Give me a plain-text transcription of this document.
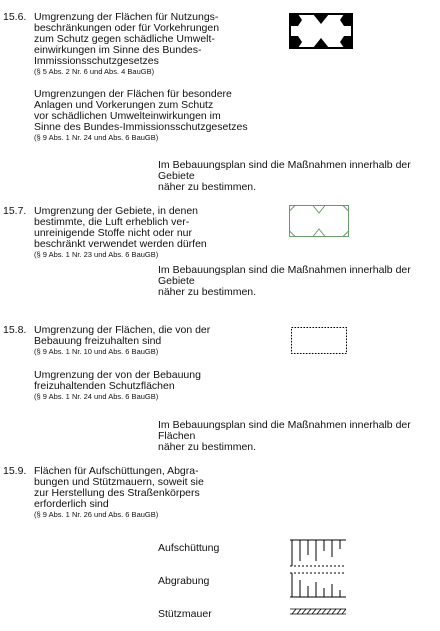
15.6. Umgrenzung der Flächen für Nutzungs-
beschränkungen oder für Vorkehrungen
zum Schutz gegen schädliche Umwelt-
einwirkungen im Sinne des Bundes-
Immissionsschutzgesetzes
(§ 5 Abs. 2 Nr. 6 und Abs. 4 BauGB)
Umgrenzungen der Flächen für besondere
Anlagen und Vorkerungen zum Schutz
vor schädlichen Umwelteinwirkungen im
Sinne des Bundes-Immissionsschutzgesetzes
(§ 9 Abs. 1 Nr. 24 und Abs. 6 BauGB)
Im Bebauungsplan sind die Maßnahmen innerhalb der Gebiete
näher zu bestimmen.
15.7. Umgrenzung der Gebiete, in denen
bestimmte, die Luft erheblich ver-
unreinigende Stoffe nicht oder nur
beschränkt verwendet werden dürfen
(§ 9 Abs. 1 Nr. 23 und Abs. 6 BauGB)
Im Bebauungsplan sind die Maßnahmen innerhalb der Gebiete
näher zu bestimmen.
15.8. Umgrenzung der Flächen, die von der
Bebauung freizuhalten sind
(§ 9 Abs. 1 Nr. 10 und Abs. 6 BauGB)
Umgrenzung der von der Bebauung
freizuhaltenden Schutzflächen
(§ 9 Abs. 1 Nr. 24 und Abs. 6 BauGB)
Im Bebauungsplan sind die Maßnahmen innerhalb der Flächen
näher zu bestimmen.
15.9. Flächen für Aufschüttungen, Abgra-
bungen und Stützmauern, soweit sie
zur Herstellung des Straßenkörpers
erforderlich sind
(§ 9 Abs. 1 Nr. 26 und Abs. 6 BauGB)
Aufschüttung
Abgrabung
Stützmauer
